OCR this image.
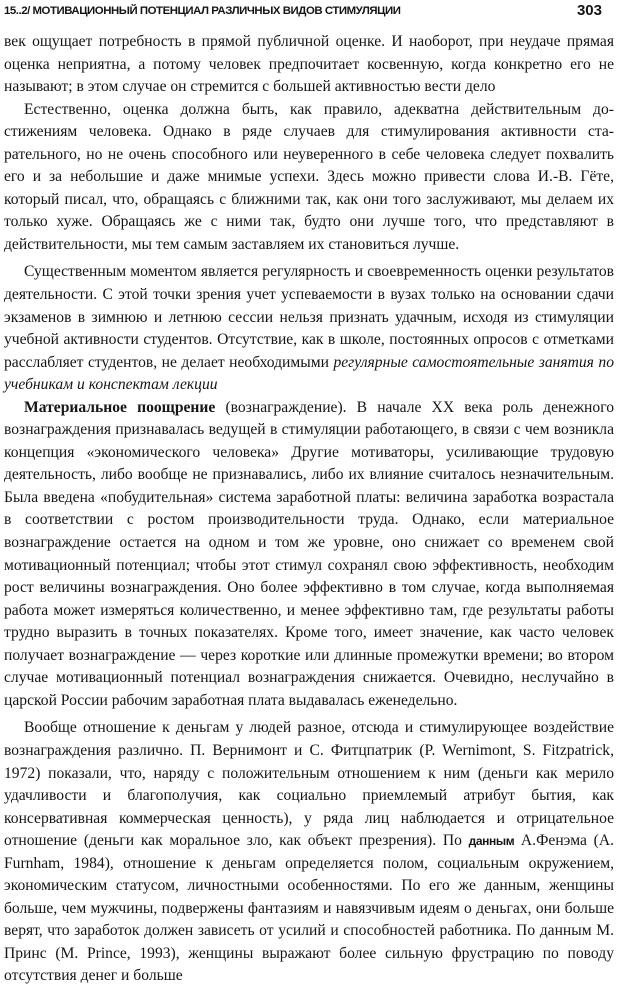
15..2/ МОТИВАЦИОННЫЙ ПОТЕНЦИАЛ РАЗЛИЧНЫХ ВИДОВ СТИМУЛЯЦИИ	303

век ощущает потребность в прямой публичной оценке. И наоборот, при неудаче прямая оценка неприятна, а потому человек предпочитает косвенную, когда конкретно его не называют; в этом случае он стремится с большей активностью вести дело

Естественно, оценка должна быть, как правило, адекватна действительным достижениям человека. Однако в ряде случаев для стимулирования активности старательного, но не очень способного или неуверенного в себе человека следует похвалить его и за небольшие и даже мнимые успехи. Здесь можно привести слова И.-В. Гёте, который писал, что, обращаясь с ближними так, как они того заслуживают, мы делаем их только хуже. Обращаясь же с ними так, будто они лучше того, что представляют в действительности, мы тем самым заставляем их становиться лучше.

Существенным моментом является регулярность и своевременность оценки результатов деятельности. С этой точки зрения учет успеваемости в вузах только на основании сдачи экзаменов в зимнюю и летнюю сессии нельзя признать удачным, исходя из стимуляции учебной активности студентов. Отсутствие, как в школе, постоянных опросов с отметками расслабляет студентов, не делает необходимыми регулярные самостоятельные занятия по учебникам и конспектам лекции

Материальное поощрение (вознаграждение). В начале XX века роль денежного вознаграждения признавалась ведущей в стимуляции работающего, в связи с чем возникла концепция «экономического человека» Другие мотиваторы, усиливающие трудовую деятельность, либо вообще не признавались, либо их влияние считалось незначительным. Была введена «побудительная» система заработной платы: величина заработка возрастала в соответствии с ростом производительности труда. Однако, если материальное вознаграждение остается на одном и том же уровне, оно снижает со временем свой мотивационный потенциал; чтобы этот стимул сохранял свою эффективность, необходим рост величины вознаграждения. Оно более эффективно в том случае, когда выполняемая работа может измеряться количественно, и менее эффективно там, где результаты работы трудно выразить в точных показателях. Кроме того, имеет значение, как часто человек получает вознаграждение — через короткие или длинные промежутки времени; во втором случае мотивационный потенциал вознаграждения снижается. Очевидно, неслучайно в царской России рабочим заработная плата выдавалась еженедельно.

Вообще отношение к деньгам у людей разное, отсюда и стимулирующее воздействие вознаграждения различно. П. Вернимонт и С. Фитцпатрик (P. Wernimont, S. Fitzpatrick, 1972) показали, что, наряду с положительным отношением к ним (деньги как мерило удачливости и благополучия, как социально приемлемый атрибут бытия, как консервативная коммерческая ценность), у ряда лиц наблюдается и отрицательное отношение (деньги как моральное зло, как объект презрения). По данным А.Фенэма (A. Furnham, 1984), отношение к деньгам определяется полом, социальным окружением, экономическим статусом, личностными особенностями. По его же данным, женщины больше, чем мужчины, подвержены фантазиям и навязчивым идеям о деньгах, они больше верят, что заработок должен зависеть от усилий и способностей работника. По данным М. Принс (M. Prince, 1993), женщины выражают более сильную фрустрацию по поводу отсутствия денег и больше
